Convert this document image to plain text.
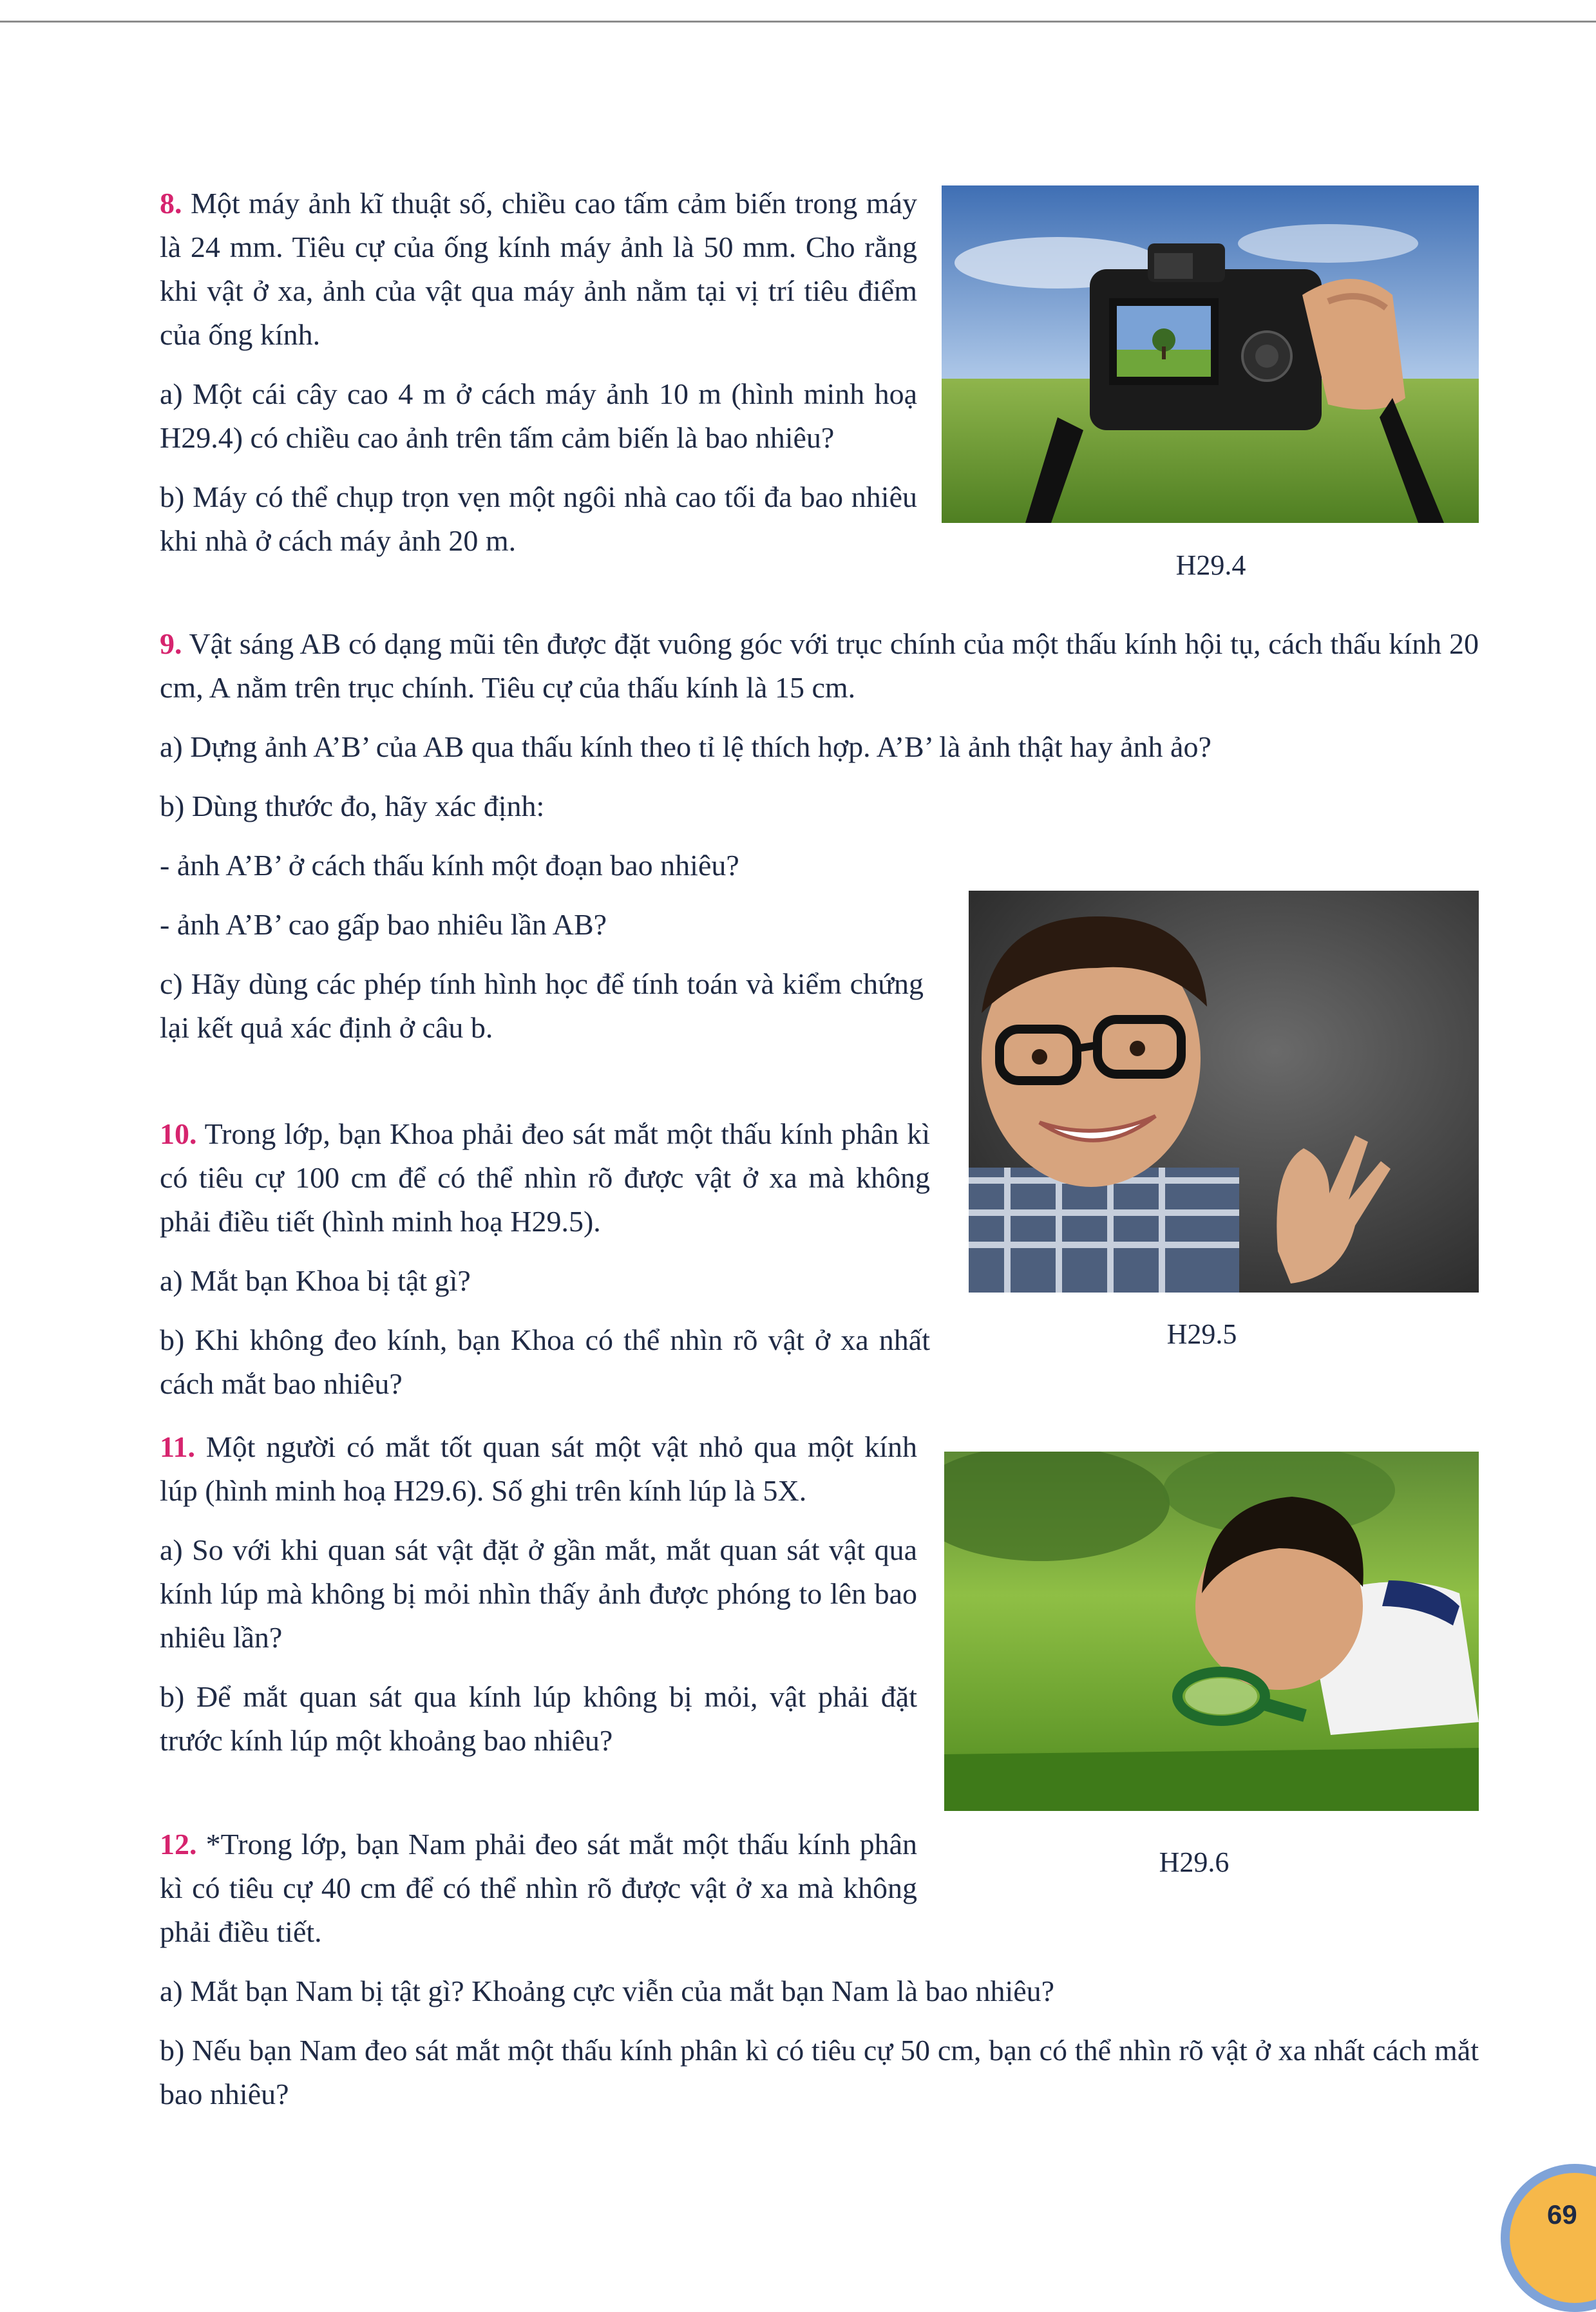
8. Một máy ảnh kĩ thuật số, chiều cao tấm cảm biến trong máy là 24 mm. Tiêu cự của ống kính máy ảnh là 50 mm. Cho rằng khi vật ở xa, ảnh của vật qua máy ảnh nằm tại vị trí tiêu điểm của ống kính.

a) Một cái cây cao 4 m ở cách máy ảnh 10 m (hình minh hoạ H29.4) có chiều cao ảnh trên tấm cảm biến là bao nhiêu?

b) Máy có thể chụp trọn vẹn một ngôi nhà cao tối đa bao nhiêu khi nhà ở cách máy ảnh 20 m.

H29.4

9. Vật sáng AB có dạng mũi tên được đặt vuông góc với trục chính của một thấu kính hội tụ, cách thấu kính 20 cm, A nằm trên trục chính. Tiêu cự của thấu kính là 15 cm.

a) Dựng ảnh A’B’ của AB qua thấu kính theo tỉ lệ thích hợp. A’B’ là ảnh thật hay ảnh ảo?

b) Dùng thước đo, hãy xác định:

- ảnh A’B’ ở cách thấu kính một đoạn bao nhiêu?

- ảnh A’B’ cao gấp bao nhiêu lần AB?

c) Hãy dùng các phép tính hình học để tính toán và kiểm chứng lại kết quả xác định ở câu b.

H29.5

10. Trong lớp, bạn Khoa phải đeo sát mắt một thấu kính phân kì có tiêu cự 100 cm để có thể nhìn rõ được vật ở xa mà không phải điều tiết (hình minh hoạ H29.5).

a) Mắt bạn Khoa bị tật gì?

b) Khi không đeo kính, bạn Khoa có thể nhìn rõ vật ở xa nhất cách mắt bao nhiêu?

11. Một người có mắt tốt quan sát một vật nhỏ qua một kính lúp (hình minh hoạ H29.6). Số ghi trên kính lúp là 5X.

a) So với khi quan sát vật đặt ở gần mắt, mắt quan sát vật qua kính lúp mà không bị mỏi nhìn thấy ảnh được phóng to lên bao nhiêu lần?

b) Để mắt quan sát qua kính lúp không bị mỏi, vật phải đặt trước kính lúp một khoảng bao nhiêu?

H29.6

12. *Trong lớp, bạn Nam phải đeo sát mắt một thấu kính phân kì có tiêu cự 40 cm để có thể nhìn rõ được vật ở xa mà không phải điều tiết.

a) Mắt bạn Nam bị tật gì? Khoảng cực viễn của mắt bạn Nam là bao nhiêu?

b) Nếu bạn Nam đeo sát mắt một thấu kính phân kì có tiêu cự 50 cm, bạn có thể nhìn rõ vật ở xa nhất cách mắt bao nhiêu?

69
